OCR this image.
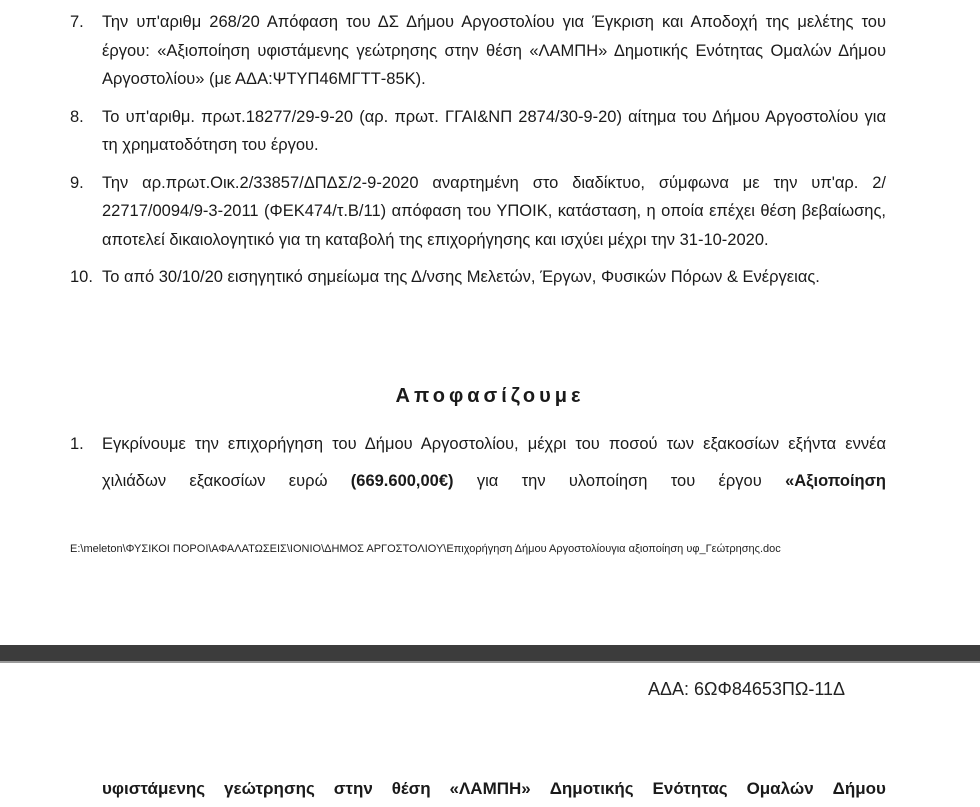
7. Την υπ'αριθμ 268/20 Απόφαση του ΔΣ Δήμου Αργοστολίου για Έγκριση και Αποδοχή της μελέτης του έργου: «Αξιοποίηση υφιστάμενης γεώτρησης στην θέση «ΛΑΜΠΗ» Δημοτικής Ενότητας Ομαλών Δήμου Αργοστολίου» (με ΑΔΑ:ΨΤΥΠ46ΜΓΤΤ-85Κ).
8. Το υπ'αριθμ. πρωτ.18277/29-9-20 (αρ. πρωτ. ΓΓΑΙ&ΝΠ 2874/30-9-20) αίτημα του Δήμου Αργοστολίου για τη χρηματοδότηση του έργου.
9. Την αρ.πρωτ.Οικ.2/33857/ΔΠΔΣ/2-9-2020 αναρτημένη στο διαδίκτυο, σύμφωνα με την υπ'αρ. 2/ 22717/0094/9-3-2011 (ΦΕΚ474/τ.Β/11) απόφαση του ΥΠΟΙΚ, κατάσταση, η οποία επέχει θέση βεβαίωσης, αποτελεί δικαιολογητικό για τη καταβολή της επιχορήγησης και ισχύει μέχρι την 31-10-2020.
10. Το από 30/10/20 εισηγητικό σημείωμα της Δ/νσης Μελετών, Έργων, Φυσικών Πόρων & Ενέργειας.
Αποφασίζουμε
1. Εγκρίνουμε την επιχορήγηση του Δήμου Αργοστολίου, μέχρι του ποσού των εξακοσίων εξήντα εννέα χιλιάδων εξακοσίων ευρώ (669.600,00€) για την υλοποίηση του έργου «Αξιοποίηση
E:\meleton\ΦΥΣΙΚΟΙ ΠΟΡΟΙ\ΑΦΑΛΑΤΩΣΕΙΣ\ΙΟΝΙΟ\ΔΗΜΟΣ ΑΡΓΟΣΤΟΛΙΟΥ\Επιχορήγηση Δήμου Αργοστολίουγια αξιοποίηση υφ_Γεώτρησης.doc
ΑΔΑ: 6ΩΦ84653ΠΩ-11Δ
υφιστάμενης γεώτρησης στην θέση «ΛΑΜΠΗ» Δημοτικής Ενότητας Ομαλών Δήμου
